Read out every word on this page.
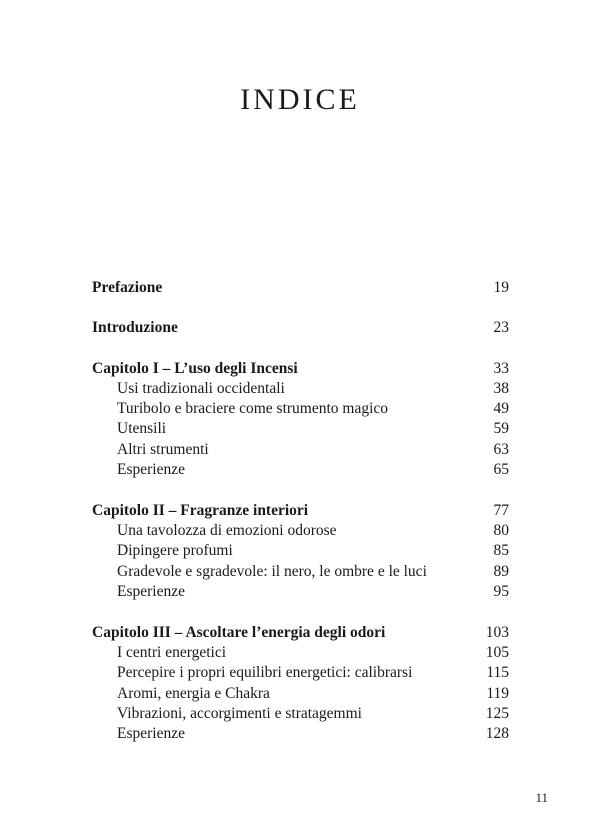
INDICE
Prefazione	19
Introduzione	23
Capitolo I – L’uso degli Incensi	33
Usi tradizionali occidentali	38
Turibolo e braciere come strumento magico	49
Utensili	59
Altri strumenti	63
Esperienze	65
Capitolo II – Fragranze interiori	77
Una tavolozza di emozioni odorose	80
Dipingere profumi	85
Gradevole e sgradevole: il nero, le ombre e le luci	89
Esperienze	95
Capitolo III – Ascoltare l’energia degli odori	103
I centri energetici	105
Percepire i propri equilibri energetici: calibrarsi	115
Aromi, energia e Chakra	119
Vibrazioni, accorgimenti e stratagemmi	125
Esperienze	128
11
